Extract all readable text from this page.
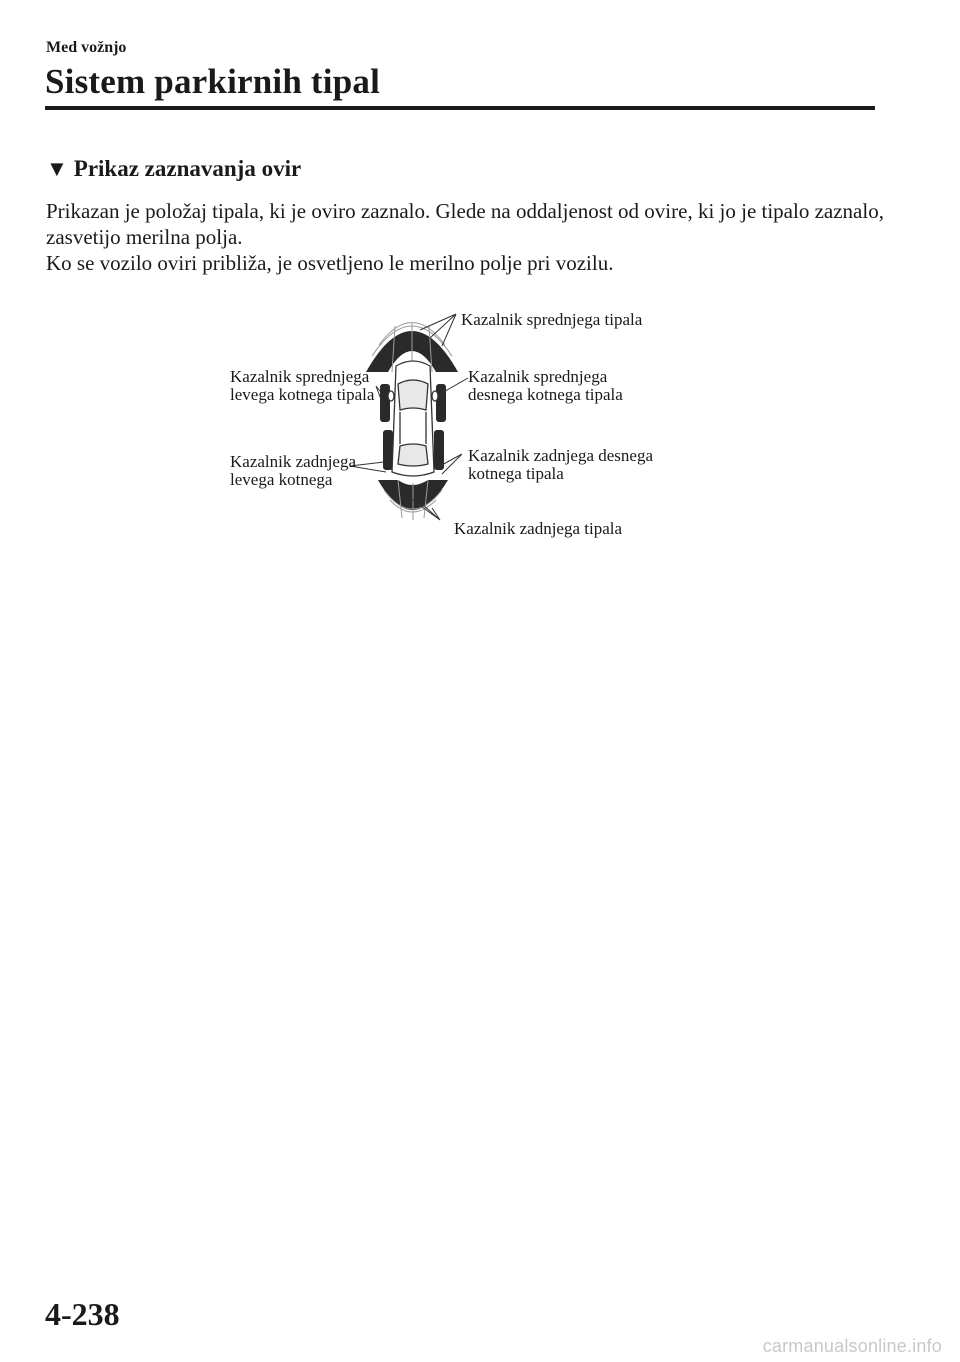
Med vožnjo
Sistem parkirnih tipal
▼ Prikaz zaznavanja ovir

Prikazan je položaj tipala, ki je oviro zaznalo. Glede na oddaljenost od ovire, ki jo je tipalo zaznalo, zasvetijo merilna polja.

Ko se vozilo oviri približa, je osvetljeno le merilno polje pri vozilu.

Kazalnik sprednjega tipala
Kazalnik sprednjega
levega kotnega tipala
Kazalnik sprednjega
desnega kotnega tipala
Kazalnik zadnjega
levega kotnega
Kazalnik zadnjega desnega
kotnega tipala
Kazalnik zadnjega tipala
4-238
carmanualsonline.info
